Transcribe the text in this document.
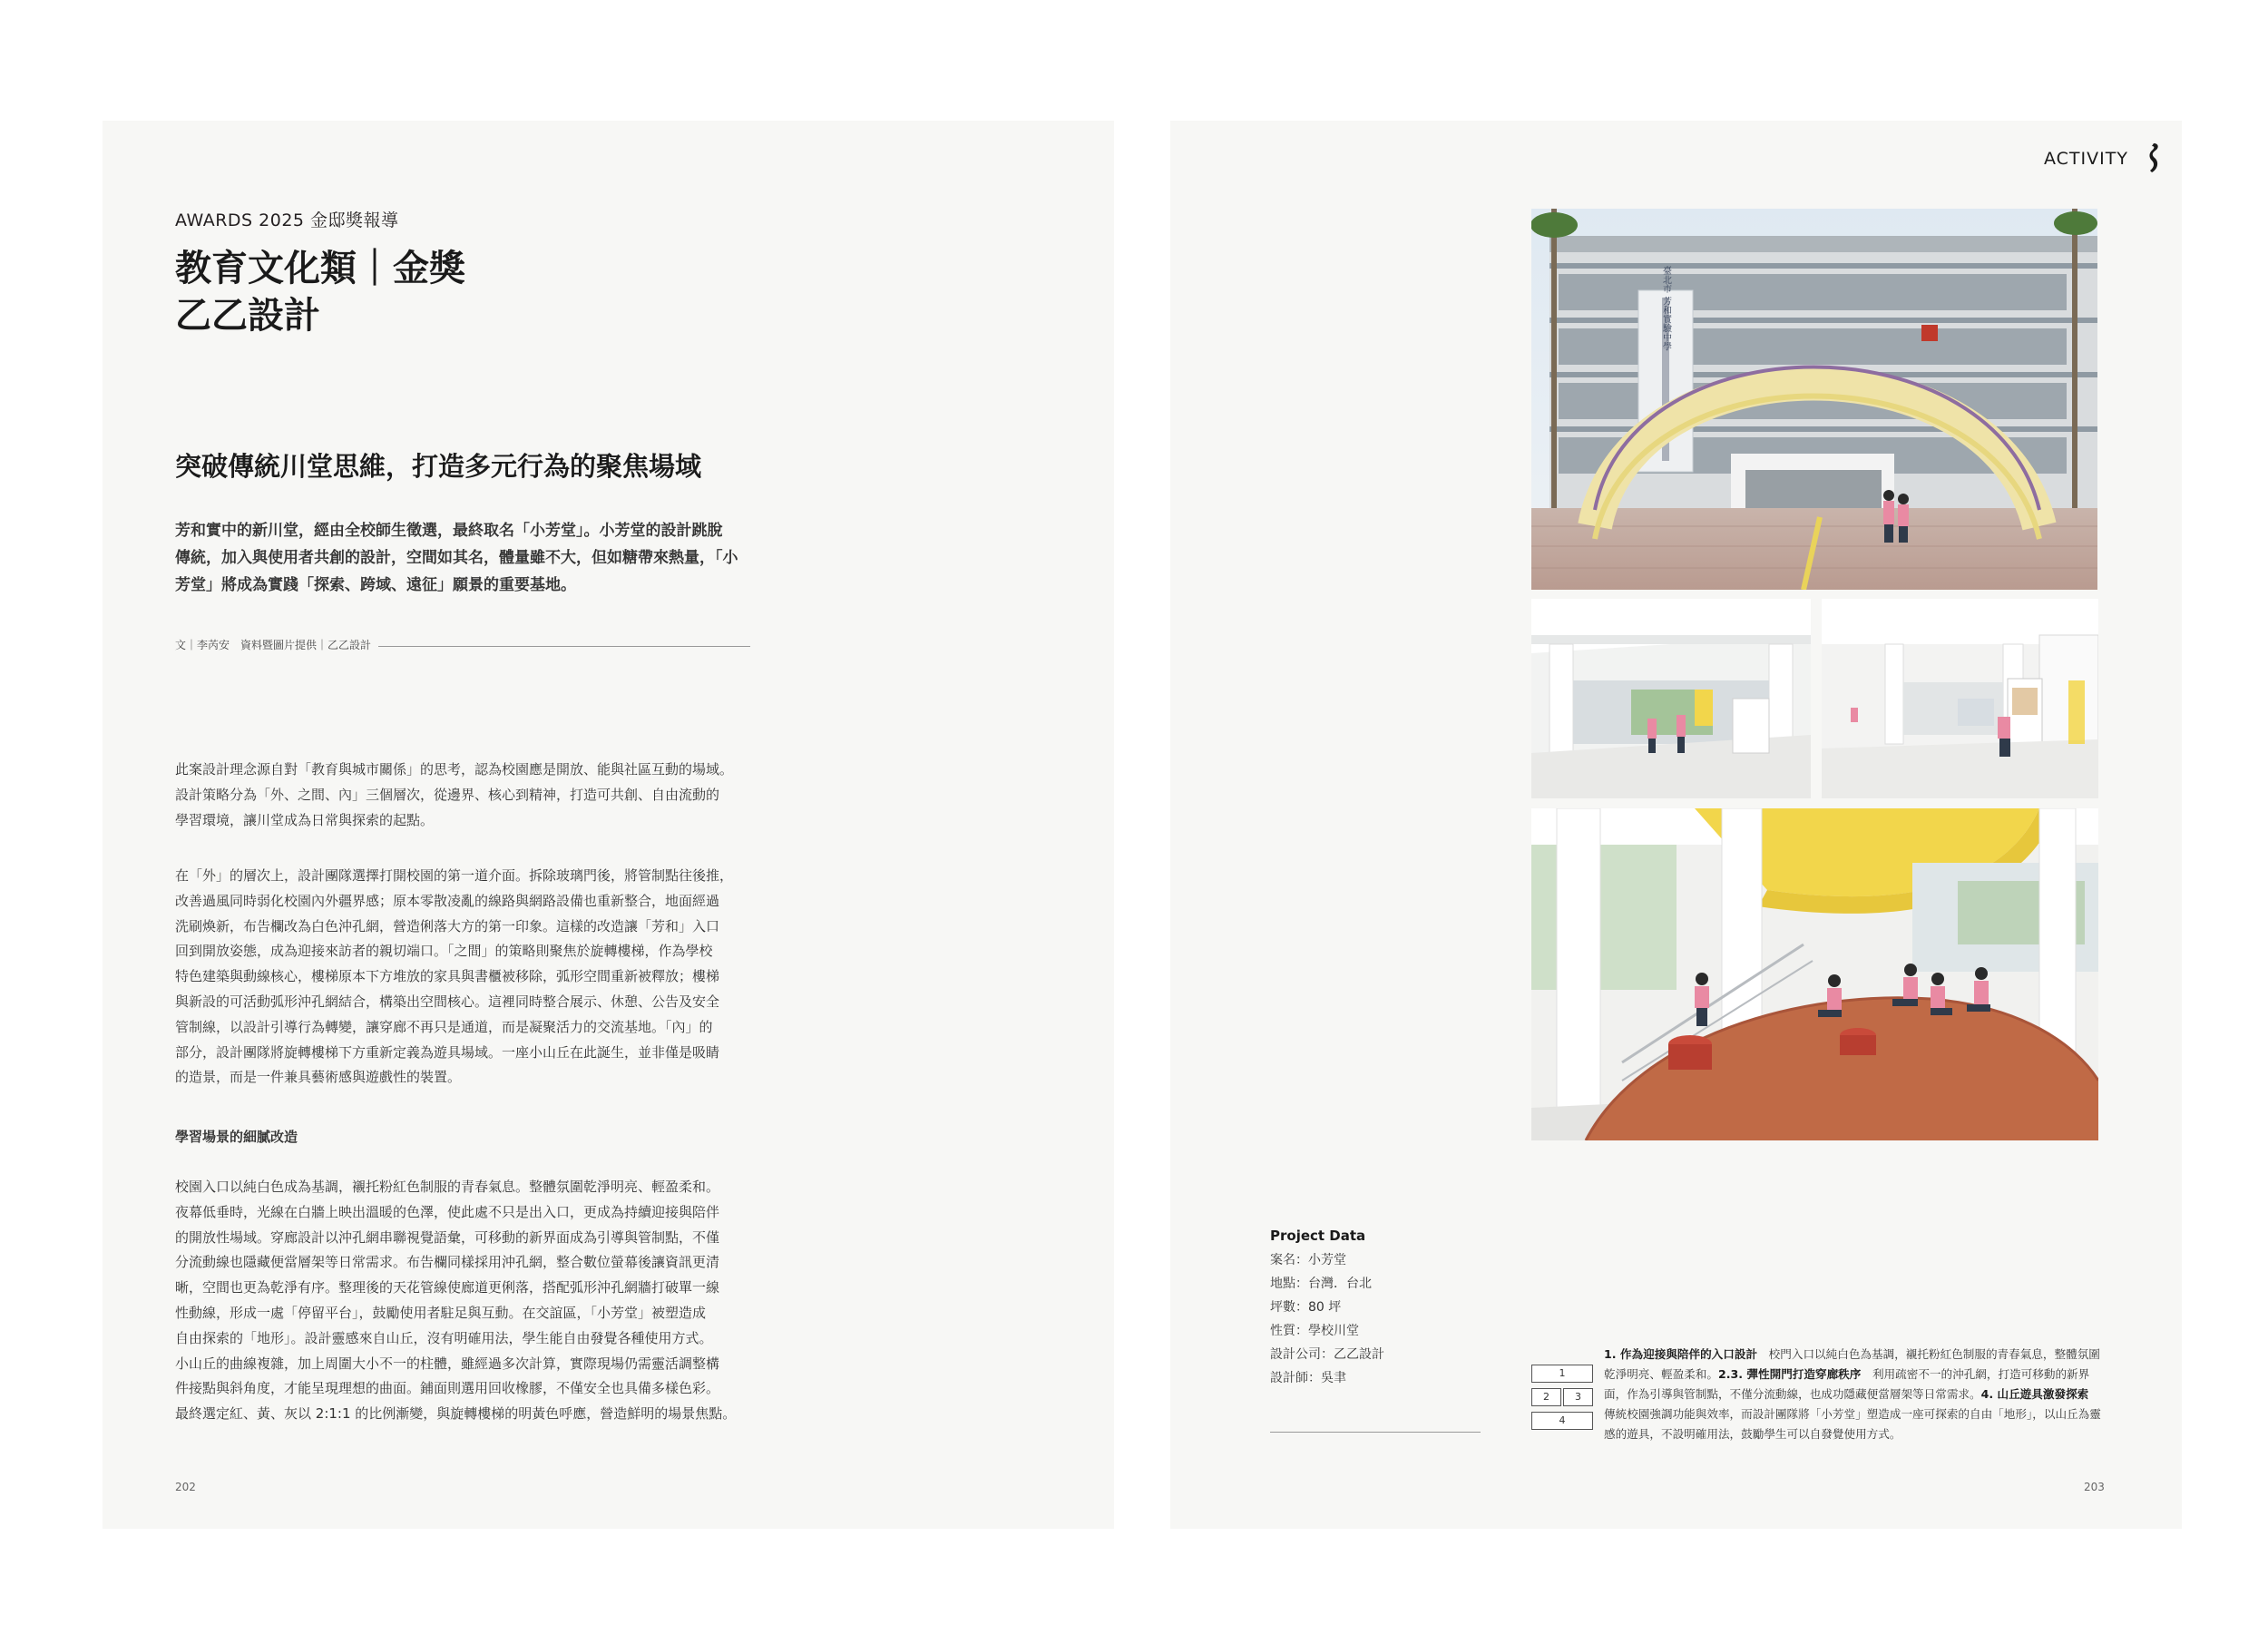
AWARDS 2025 金邸獎報導
教育文化類｜金獎
乙乙設計
突破傳統川堂思維，打造多元行為的聚焦場域
芳和實中的新川堂，經由全校師生徵選，最終取名「小芳堂」。小芳堂的設計跳脫
傳統，加入與使用者共創的設計，空間如其名，體量雖不大，但如糖帶來熱量，「小
芳堂」將成為實踐「探索、跨域、遠征」願景的重要基地。
文｜李芮安　資料暨圖片提供｜乙乙設計
此案設計理念源自對「教育與城市關係」的思考，認為校園應是開放、能與社區互動的場域。
設計策略分為「外、之間、內」三個層次，從邊界、核心到精神，打造可共創、自由流動的
學習環境，讓川堂成為日常與探索的起點。
在「外」的層次上，設計團隊選擇打開校園的第一道介面。拆除玻璃門後，將管制點往後推，
改善過風同時弱化校園內外疆界感；原本零散凌亂的線路與網路設備也重新整合，地面經過
洗刷煥新，布告欄改為白色沖孔網，營造俐落大方的第一印象。這樣的改造讓「芳和」入口
回到開放姿態，成為迎接來訪者的親切端口。「之間」的策略則聚焦於旋轉樓梯，作為學校
特色建築與動線核心，樓梯原本下方堆放的家具與書櫃被移除，弧形空間重新被釋放；樓梯
與新設的可活動弧形沖孔網結合，構築出空間核心。這裡同時整合展示、休憩、公告及安全
管制線，以設計引導行為轉變，讓穿廊不再只是通道，而是凝聚活力的交流基地。「內」的
部分，設計團隊將旋轉樓梯下方重新定義為遊具場域。一座小山丘在此誕生，並非僅是吸睛
的造景，而是一件兼具藝術感與遊戲性的裝置。
學習場景的細膩改造
校園入口以純白色成為基調，襯托粉紅色制服的青春氣息。整體氛圍乾淨明亮、輕盈柔和。
夜幕低垂時，光線在白牆上映出溫暖的色澤，使此處不只是出入口，更成為持續迎接與陪伴
的開放性場域。穿廊設計以沖孔網串聯視覺語彙，可移動的新界面成為引導與管制點，不僅
分流動線也隱藏便當層架等日常需求。布告欄同樣採用沖孔網，整合數位螢幕後讓資訊更清
晰，空間也更為乾淨有序。整理後的天花管線使廊道更俐落，搭配弧形沖孔網牆打破單一線
性動線，形成一處「停留平台」，鼓勵使用者駐足與互動。在交誼區，「小芳堂」被塑造成
自由探索的「地形」。設計靈感來自山丘，沒有明確用法，學生能自由發覺各種使用方式。
小山丘的曲線複雜，加上周圍大小不一的柱體，雖經過多次計算，實際現場仍需靈活調整構
件接點與斜角度，才能呈現理想的曲面。鋪面則選用回收橡膠，不僅安全也具備多樣色彩。
最終選定紅、黃、灰以 2:1:1 的比例漸變，與旋轉樓梯的明黃色呼應，營造鮮明的場景焦點。
202
ACTIVITY
臺北市 芳和實驗中學
Project Data
案名：小芳堂
地點：台灣．台北
坪數：80 坪
性質：學校川堂
設計公司：乙乙設計
設計師：吳聿	1
2	3
4
1. 作為迎接與陪伴的入口設計　校門入口以純白色為基調，襯托粉紅色制服的青春氣息，整體氛圍乾淨明亮、輕盈柔和。2.3. 彈性開門打造穿廊秩序　利用疏密不一的沖孔網，打造可移動的新界面，作為引導與管制點，不僅分流動線，也成功隱藏便當層架等日常需求。4. 山丘遊具激發探索　傳統校園強調功能與效率，而設計團隊將「小芳堂」塑造成一座可探索的自由「地形」，以山丘為靈感的遊具，不設明確用法，鼓勵學生可以自發覺使用方式。
203
